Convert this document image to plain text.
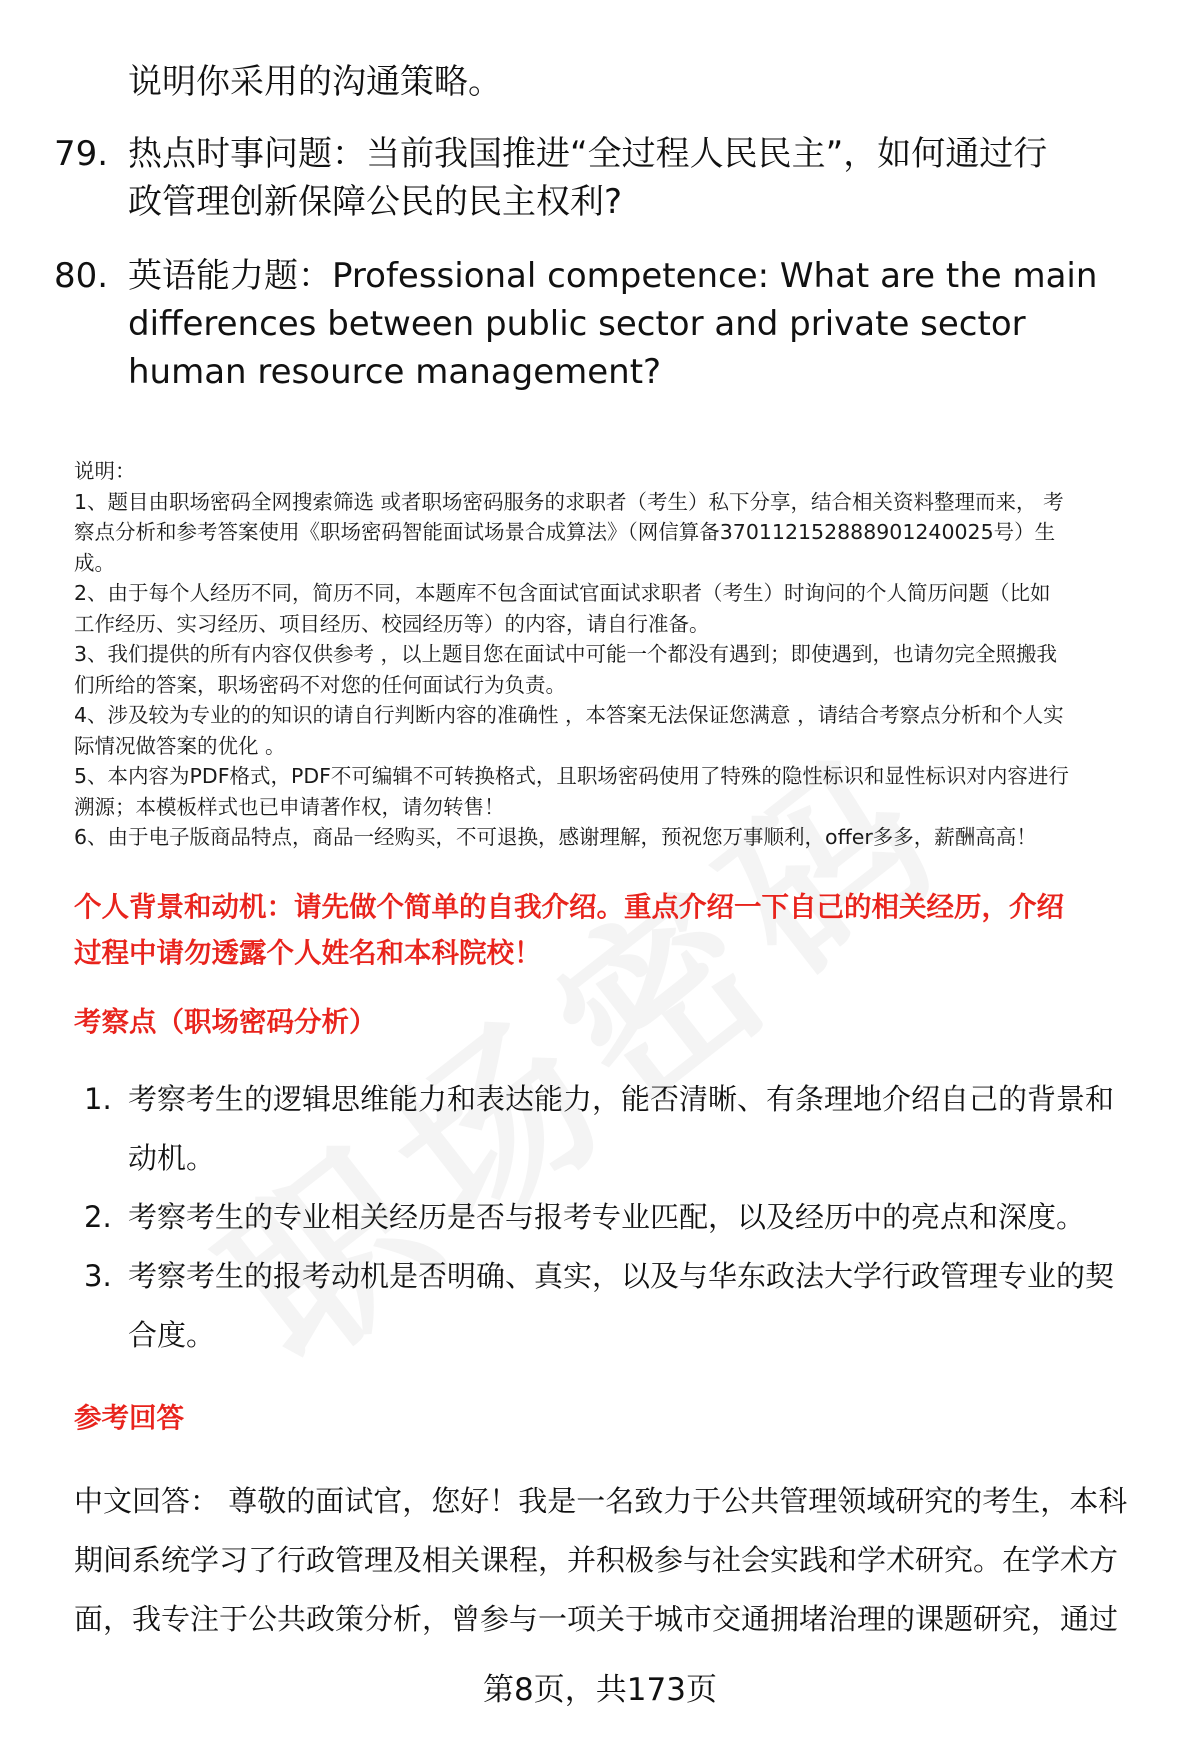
说明你采用的沟通策略。
79. 热点时事问题：当前我国推进“全过程人民民主”，如何通过行
政管理创新保障公民的民主权利?
80. 英语能力题：Professional competence: What are the main
differences between public sector and private sector
human resource management?

说明：

1、题目由职场密码全网搜索筛选 或者职场密码服务的求职者（考生）私下分享，结合相关资料整理而来， 考

察点分析和参考答案使用《职场密码智能面试场景合成算法》（网信算备370112152888901240025号）生

成。

2、由于每个人经历不同，简历不同，本题库不包含面试官面试求职者（考生）时询问的个人简历问题（比如

工作经历、实习经历、项目经历、校园经历等）的内容，请自行准备。

3、我们提供的所有内容仅供参考 ，以上题目您在面试中可能一个都没有遇到；即使遇到，也请勿完全照搬我

们所给的答案，职场密码不对您的任何面试行为负责。

4、涉及较为专业的的知识的请自行判断内容的准确性 ，本答案无法保证您满意 ，请结合考察点分析和个人实

际情况做答案的优化 。

5、本内容为PDF格式，PDF不可编辑不可转换格式，且职场密码使用了特殊的隐性标识和显性标识对内容进行

溯源；本模板样式也已申请著作权，请勿转售！

6、由于电子版商品特点，商品一经购买，不可退换，感谢理解，预祝您万事顺利，offer多多，薪酬高高！

个人背景和动机：请先做个简单的自我介绍。重点介绍一下自己的相关经历，介绍
过程中请勿透露个人姓名和本科院校！
考察点（职场密码分析）
1. 考察考生的逻辑思维能力和表达能力，能否清晰、有条理地介绍自己的背景和
动机。
2. 考察考生的专业相关经历是否与报考专业匹配，以及经历中的亮点和深度。
3. 考察考生的报考动机是否明确、真实，以及与华东政法大学行政管理专业的契
合度。
参考回答
中文回答： 尊敬的面试官，您好！我是一名致力于公共管理领域研究的考生，本科
期间系统学习了行政管理及相关课程，并积极参与社会实践和学术研究。在学术方
面，我专注于公共政策分析，曾参与一项关于城市交通拥堵治理的课题研究，通过
第8页，共173页
